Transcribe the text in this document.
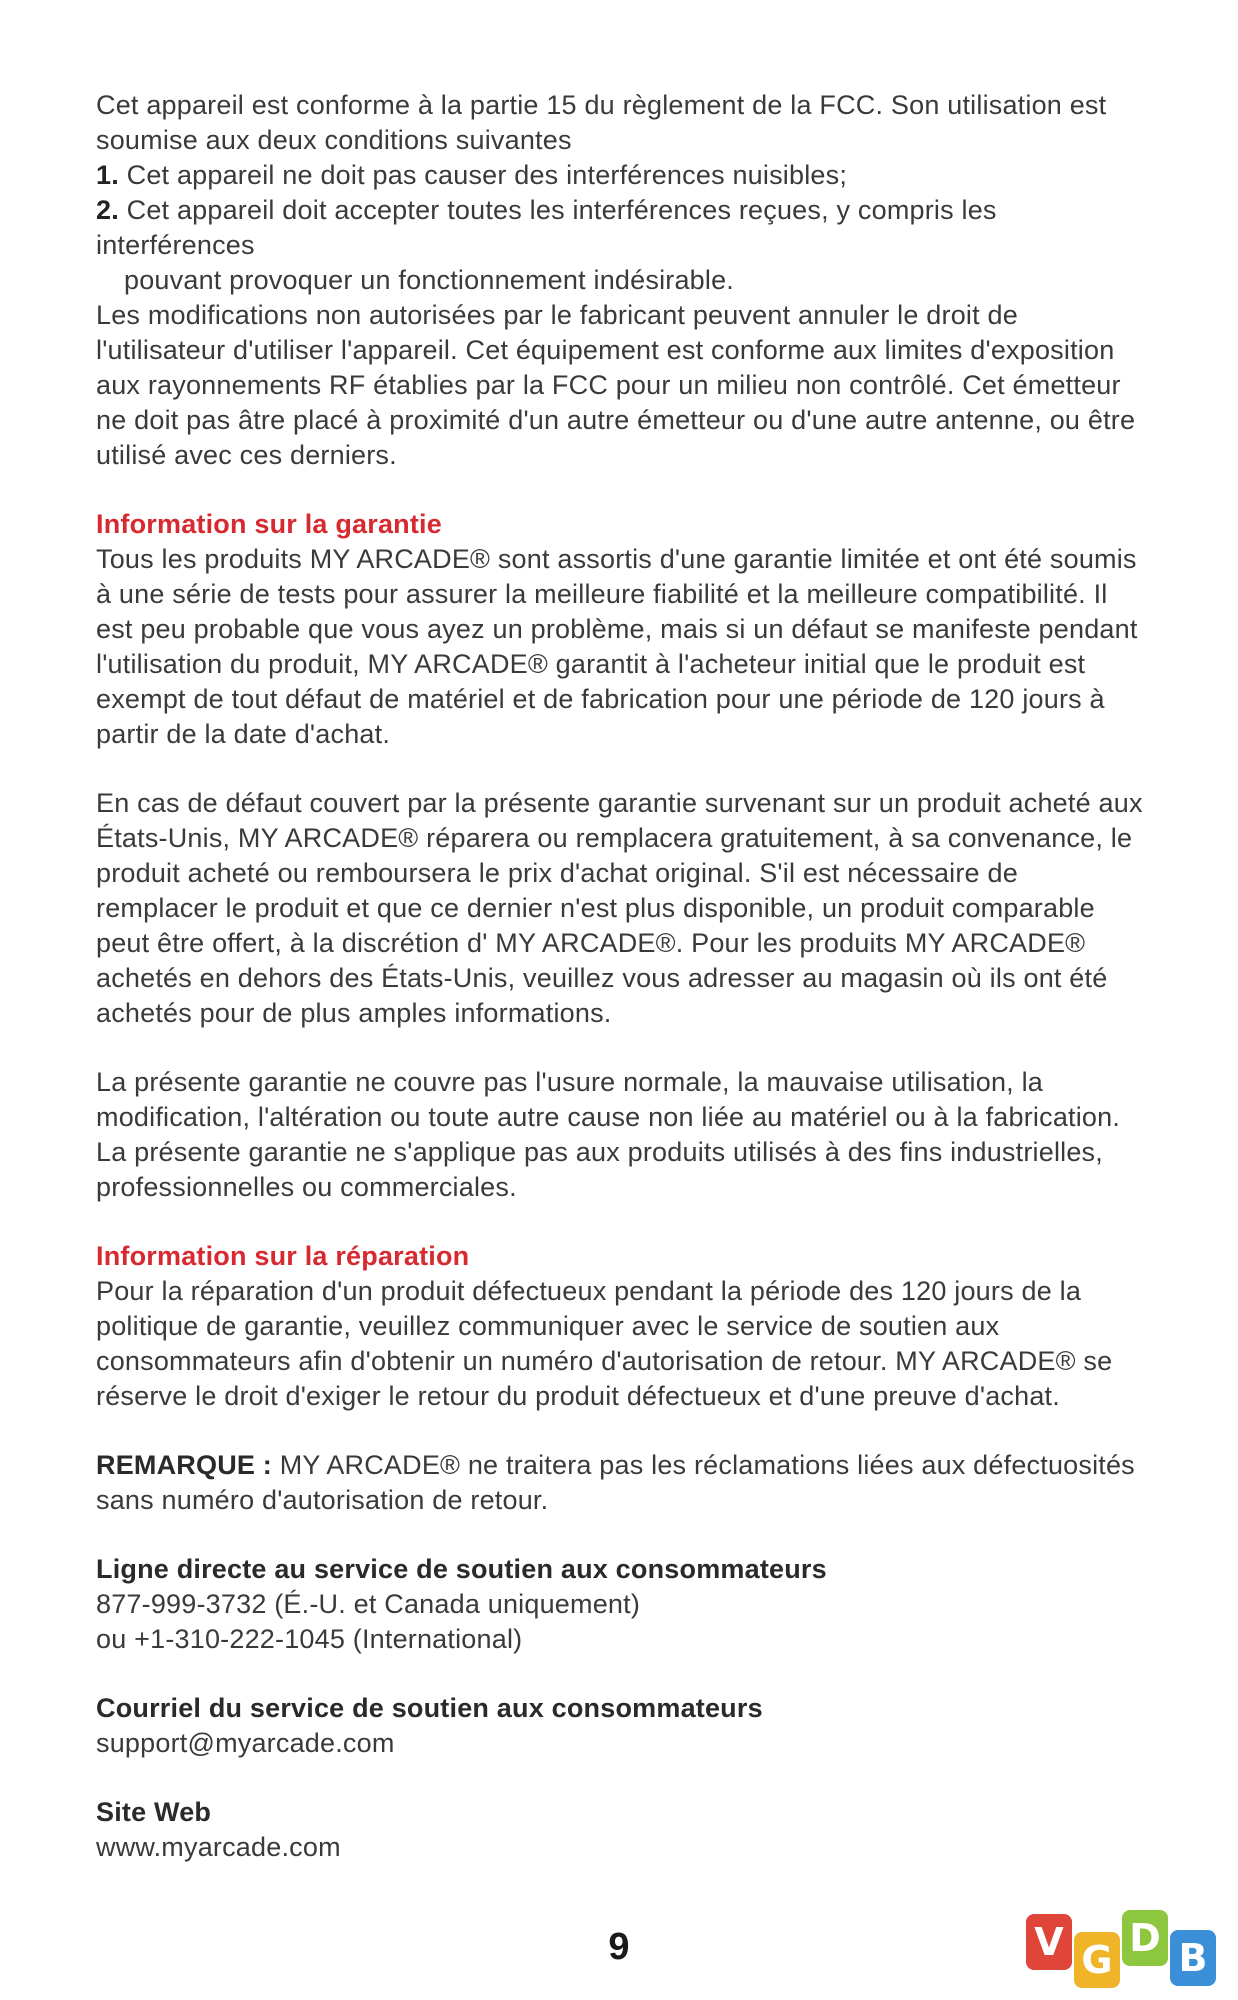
Cet appareil est conforme à la partie 15 du règlement de la FCC. Son utilisation est soumise aux deux conditions suivantes

1. Cet appareil ne doit pas causer des interférences nuisibles;

2. Cet appareil doit accepter toutes les interférences reçues, y compris les interférences

pouvant provoquer un fonctionnement indésirable.

Les modifications non autorisées par le fabricant peuvent annuler le droit de l'utilisateur d'utiliser l'appareil. Cet équipement est conforme aux limites d'exposition aux rayonnements RF établies par la FCC pour un milieu non contrôlé. Cet émetteur ne doit pas âtre placé à proximité d'un autre émetteur ou d'une autre antenne, ou être utilisé avec ces derniers.

Information sur la garantie

Tous les produits MY ARCADE® sont assortis d'une garantie limitée et ont été soumis à une série de tests pour assurer la meilleure fiabilité et la meilleure compatibilité. Il est peu probable que vous ayez un problème, mais si un défaut se manifeste pendant l'utilisation du produit, MY ARCADE® garantit à l'acheteur initial que le produit est exempt de tout défaut de matériel et de fabrication pour une période de 120 jours à partir de la date d'achat.

En cas de défaut couvert par la présente garantie survenant sur un produit acheté aux États-Unis, MY ARCADE® réparera ou remplacera gratuitement, à sa convenance, le produit acheté ou remboursera le prix d'achat original. S'il est nécessaire de remplacer le produit et que ce dernier n'est plus disponible, un produit comparable peut être offert, à la discrétion d' MY ARCADE®. Pour les produits MY ARCADE® achetés en dehors des États-Unis, veuillez vous adresser au magasin où ils ont été achetés pour de plus amples informations.

La présente garantie ne couvre pas l'usure normale, la mauvaise utilisation, la modification, l'altération ou toute autre cause non liée au matériel ou à la fabrication. La présente garantie ne s'applique pas aux produits utilisés à des fins industrielles, professionnelles ou commerciales.

Information sur la réparation

Pour la réparation d'un produit défectueux pendant la période des 120 jours de la politique de garantie, veuillez communiquer avec le service de soutien aux consommateurs afin d'obtenir un numéro d'autorisation de retour. MY ARCADE® se réserve le droit d'exiger le retour du produit défectueux et d'une preuve d'achat.

REMARQUE : MY ARCADE® ne traitera pas les réclamations liées aux défectuosités sans numéro d'autorisation de retour.

Ligne directe au service de soutien aux consommateurs

877-999-3732 (É.-U. et Canada uniquement)

ou +1-310-222-1045 (International)

Courriel du service de soutien aux consommateurs

support@myarcade.com

Site Web

www.myarcade.com

9	V G D B
